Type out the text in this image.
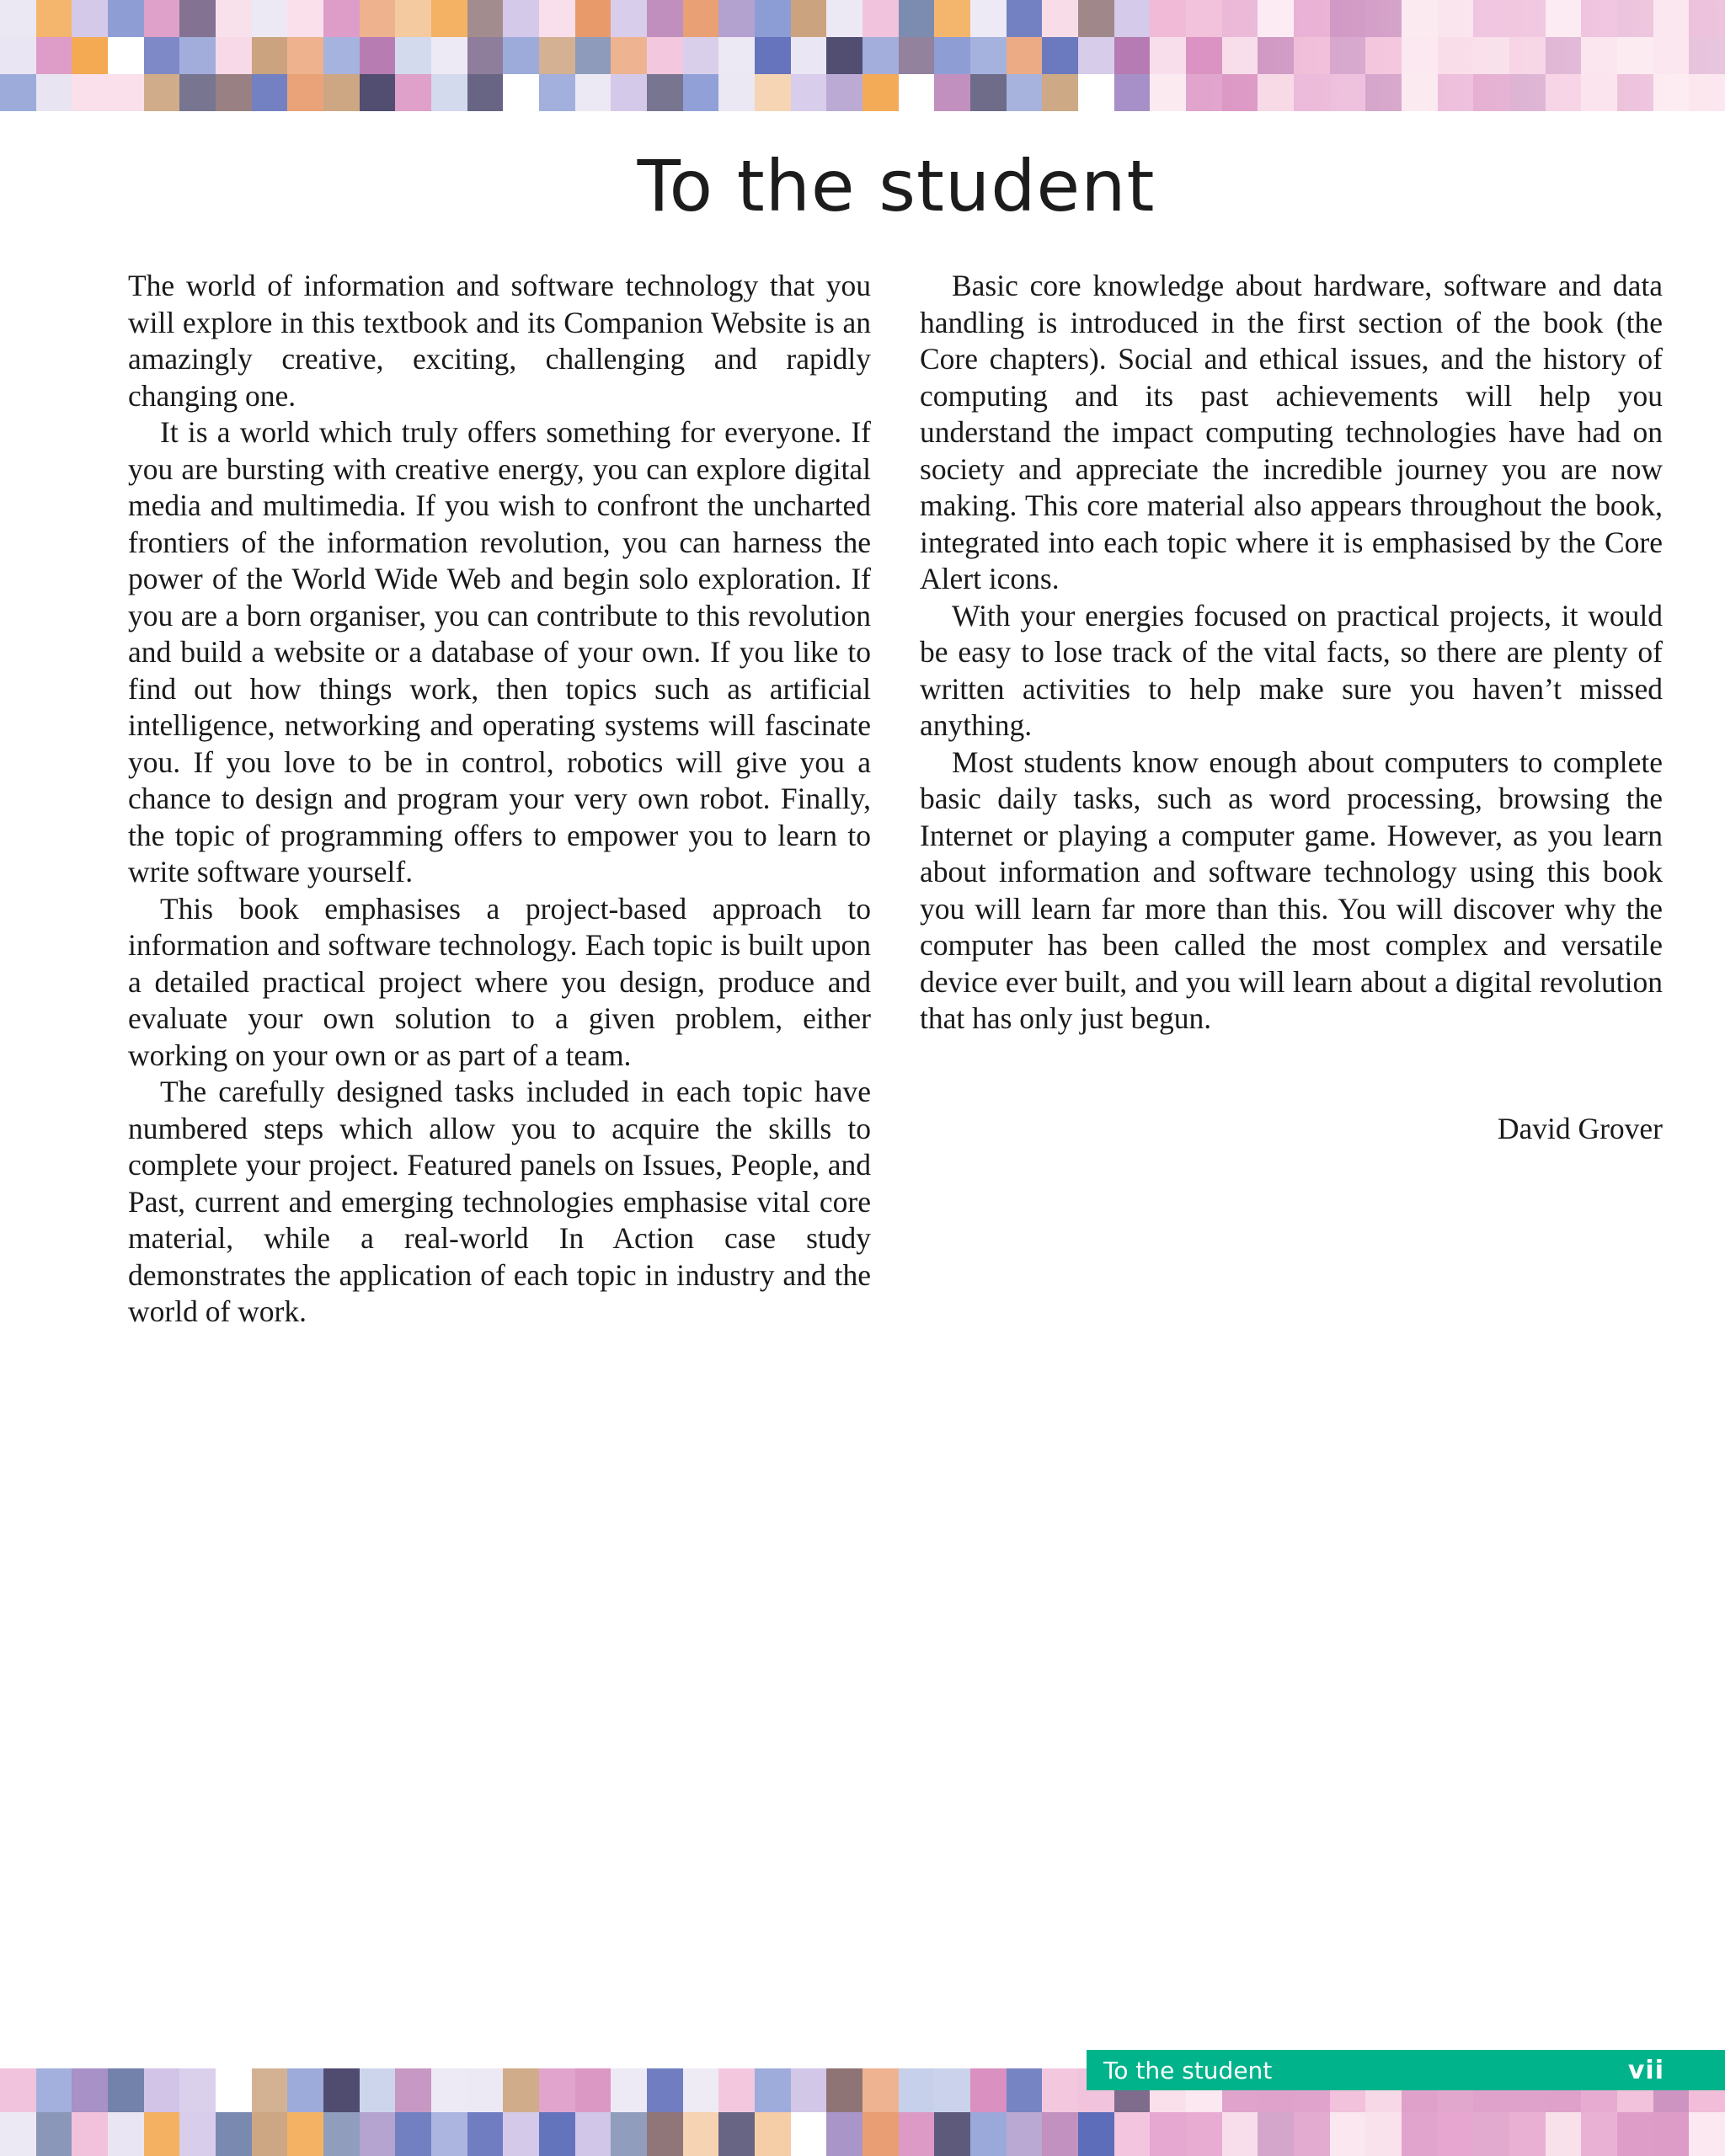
To the student

The world of information and software technology that you will explore in this textbook and its Companion Website is an amazingly creative, exciting, challenging and rapidly changing one.

It is a world which truly offers something for everyone. If you are bursting with creative energy, you can explore digital media and multimedia. If you wish to confront the uncharted frontiers of the information revolution, you can harness the power of the World Wide Web and begin solo exploration. If you are a born organiser, you can contribute to this revolution and build a website or a database of your own. If you like to find out how things work, then topics such as artificial intelligence, networking and operating systems will fascinate you. If you love to be in control, robotics will give you a chance to design and program your very own robot. Finally, the topic of programming offers to empower you to learn to write software yourself.

This book emphasises a project-based approach to information and software technology. Each topic is built upon a detailed practical project where you design, produce and evaluate your own solution to a given problem, either working on your own or as part of a team.

The carefully designed tasks included in each topic have numbered steps which allow you to acquire the skills to complete your project. Featured panels on Issues, People, and Past, current and emerging technologies emphasise vital core material, while a real-world In Action case study demonstrates the application of each topic in industry and the world of work.

Basic core knowledge about hardware, software and data handling is introduced in the first section of the book (the Core chapters). Social and ethical issues, and the history of computing and its past achievements will help you understand the impact computing technologies have had on society and appreciate the incredible journey you are now making. This core material also appears throughout the book, integrated into each topic where it is emphasised by the Core Alert icons.

With your energies focused on practical projects, it would be easy to lose track of the vital facts, so there are plenty of written activities to help make sure you haven’t missed anything.

Most students know enough about computers to complete basic daily tasks, such as word processing, browsing the Internet or playing a computer game. However, as you learn about information and software technology using this book you will learn far more than this. You will discover why the computer has been called the most complex and versatile device ever built, and you will learn about a digital revolution that has only just begun.

David Grover

To the student	vii
